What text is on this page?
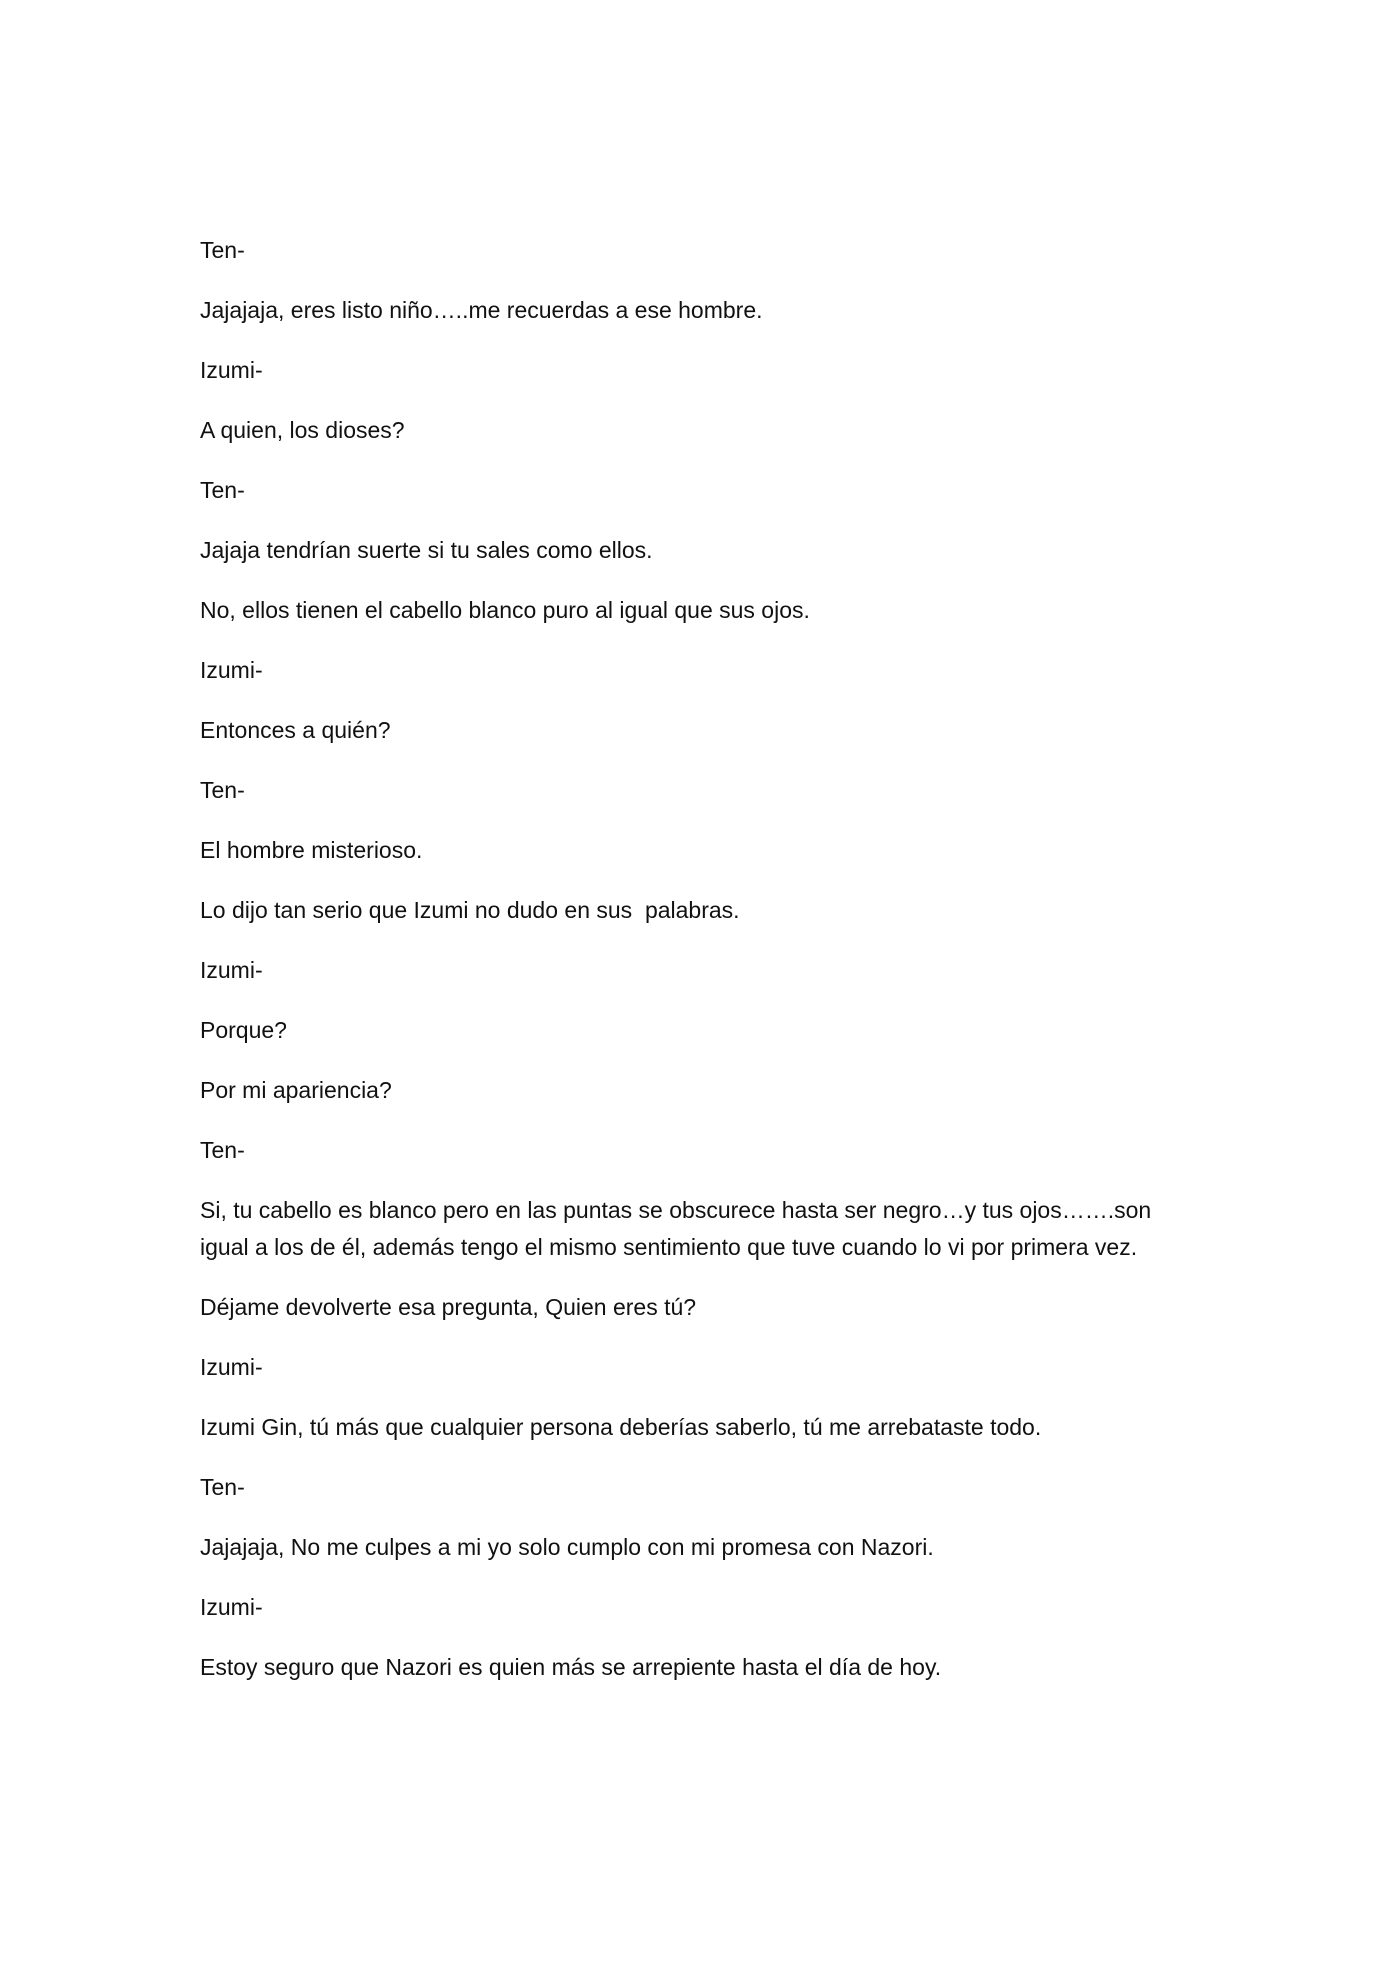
Ten-

Jajajaja, eres listo niño…..me recuerdas a ese hombre.

Izumi-

A quien, los dioses?

Ten-

Jajaja tendrían suerte si tu sales como ellos.

No, ellos tienen el cabello blanco puro al igual que sus ojos.

Izumi-

Entonces a quién?

Ten-

El hombre misterioso.

Lo dijo tan serio que Izumi no dudo en sus  palabras.

Izumi-

Porque?

Por mi apariencia?

Ten-

Si, tu cabello es blanco pero en las puntas se obscurece hasta ser negro…y tus ojos…….son igual a los de él, además tengo el mismo sentimiento que tuve cuando lo vi por primera vez.

Déjame devolverte esa pregunta, Quien eres tú?

Izumi-

Izumi Gin, tú más que cualquier persona deberías saberlo, tú me arrebataste todo.

Ten-

Jajajaja, No me culpes a mi yo solo cumplo con mi promesa con Nazori.

Izumi-

Estoy seguro que Nazori es quien más se arrepiente hasta el día de hoy.
